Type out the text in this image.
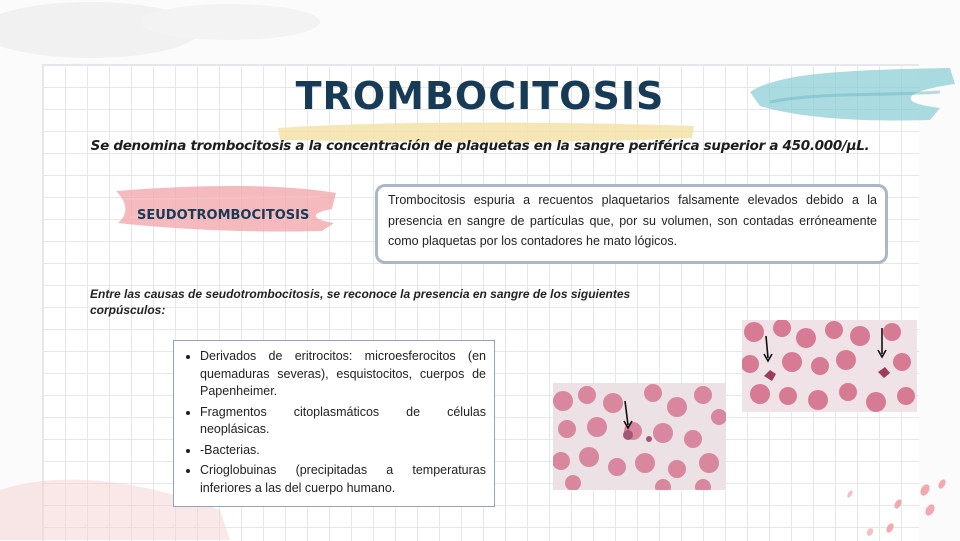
TROMBOCITOSIS
Se denomina trombocitosis a la concentración de plaquetas en la sangre periférica superior a 450.000/μL.
SEUDOTROMBOCITOSIS
Trombocitosis espuria a recuentos plaquetarios falsamente elevados debido a la presencia en sangre de partículas que, por su volumen, son contadas erróneamente como plaquetas por los contadores he mato lógicos.
Entre las causas de seudotrombocitosis, se reconoce la presencia en sangre de los siguientes corpúsculos:
• Derivados de eritrocitos: microesferocitos (en quemaduras severas), esquistocitos, cuerpos de Papenheimer.
• Fragmentos citoplasmáticos de células neoplásicas.
• -Bacterias.
• Crioglobuinas (precipitadas a temperaturas inferiores a las del cuerpo humano.
